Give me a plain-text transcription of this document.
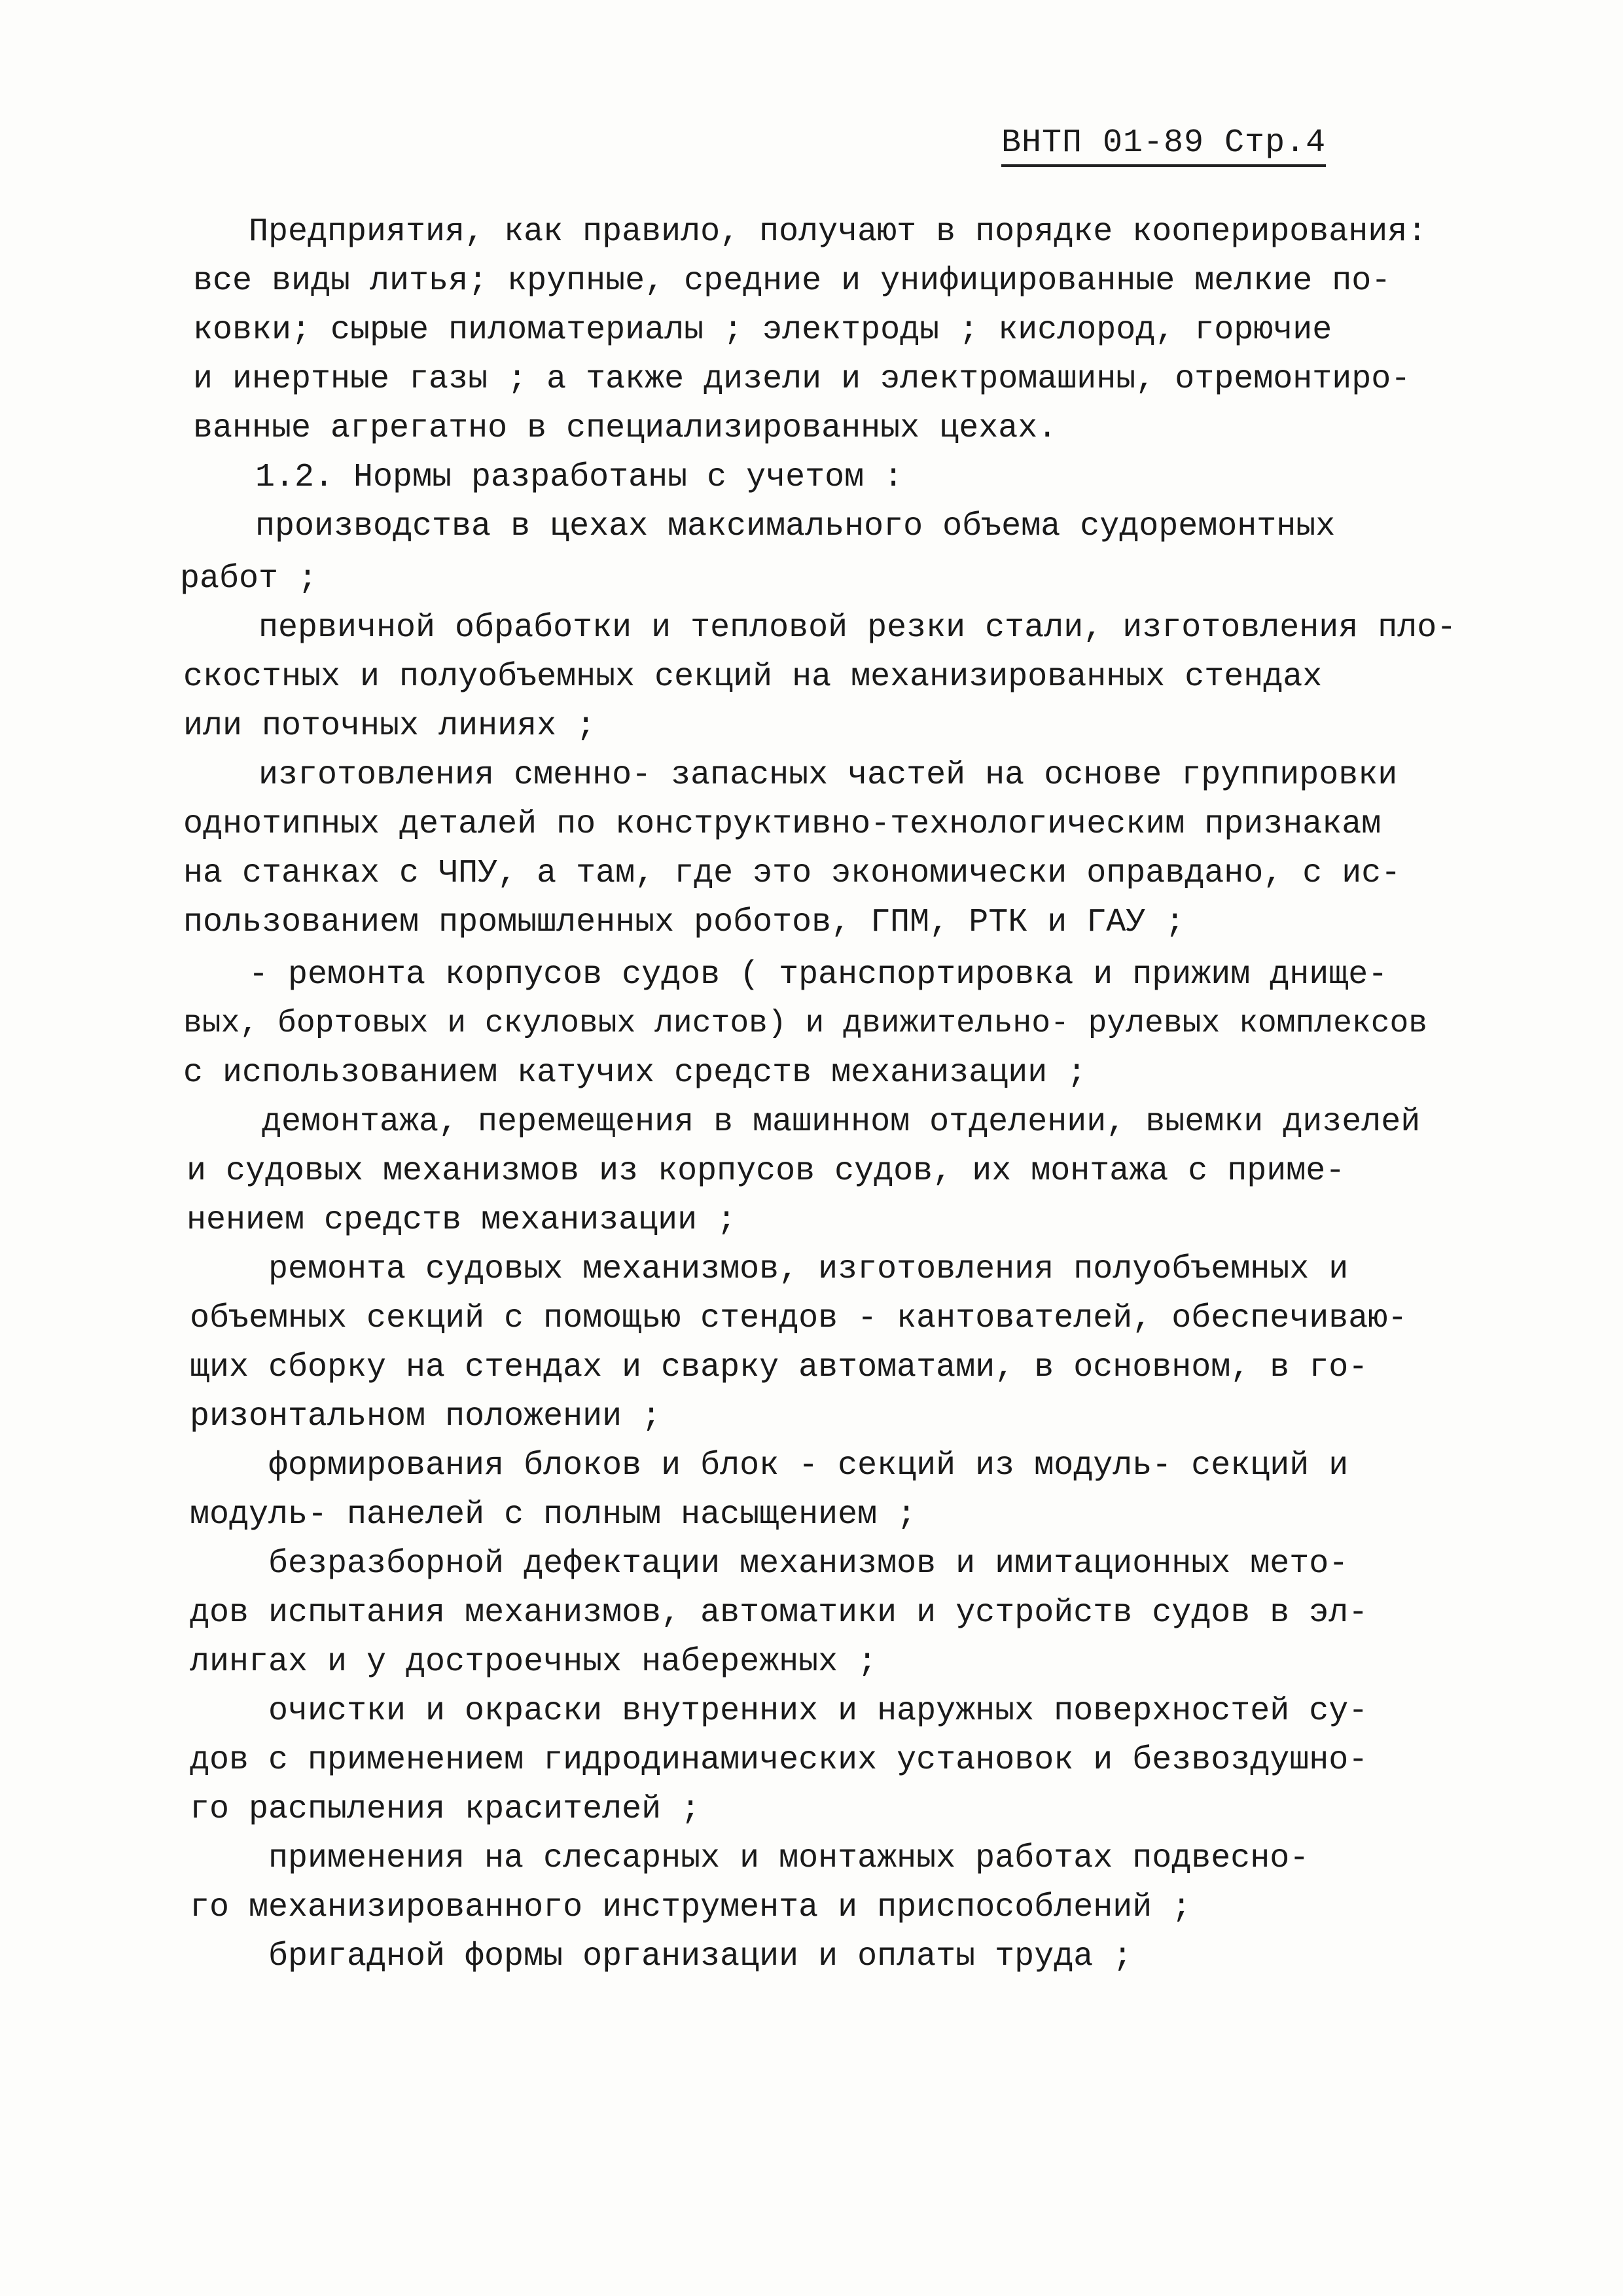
ВНТП 01-89 Стр.4
Предприятия, как правило, получают в порядке кооперирования:
все виды литья; крупные, средние и унифицированные мелкие по-
ковки; сырые пиломатериалы ; электроды ; кислород, горючие
и инертные газы ; а также дизели и электромашины, отремонтиро-
ванные агрегатно в специализированных цехах.
1.2. Нормы разработаны с учетом :
производства в цехах максимального объема судоремонтных
работ ;
первичной обработки и тепловой резки стали, изготовления пло-
скостных и полуобъемных секций на механизированных стендах
или поточных линиях ;
изготовления сменно- запасных частей на основе группировки
однотипных деталей по конструктивно-технологическим признакам
на станках с ЧПУ, а там, где это экономически оправдано, с ис-
пользованием промышленных роботов, ГПМ, РТК и ГАУ ;
- ремонта корпусов судов ( транспортировка и прижим днище-
вых, бортовых и скуловых листов) и движительно- рулевых комплексов
с использованием катучих средств механизации ;
демонтажа, перемещения в машинном отделении, выемки дизелей
и судовых механизмов из корпусов судов, их монтажа с приме-
нением средств механизации ;
ремонта судовых механизмов, изготовления полуобъемных и
объемных секций с помощью стендов - кантователей, обеспечиваю-
щих сборку на стендах и сварку автоматами, в основном, в го-
ризонтальном положении ;
формирования блоков и блок - секций из модуль- секций и
модуль- панелей с полным насыщением ;
безразборной дефектации механизмов и имитационных мето-
дов испытания механизмов, автоматики и устройств судов в эл-
лингах и у достроечных набережных ;
очистки и окраски внутренних и наружных поверхностей су-
дов с применением гидродинамических установок и безвоздушно-
го распыления красителей ;
применения на слесарных и монтажных работах подвесно-
го механизированного инструмента и приспособлений ;
бригадной формы организации и оплаты труда ;
